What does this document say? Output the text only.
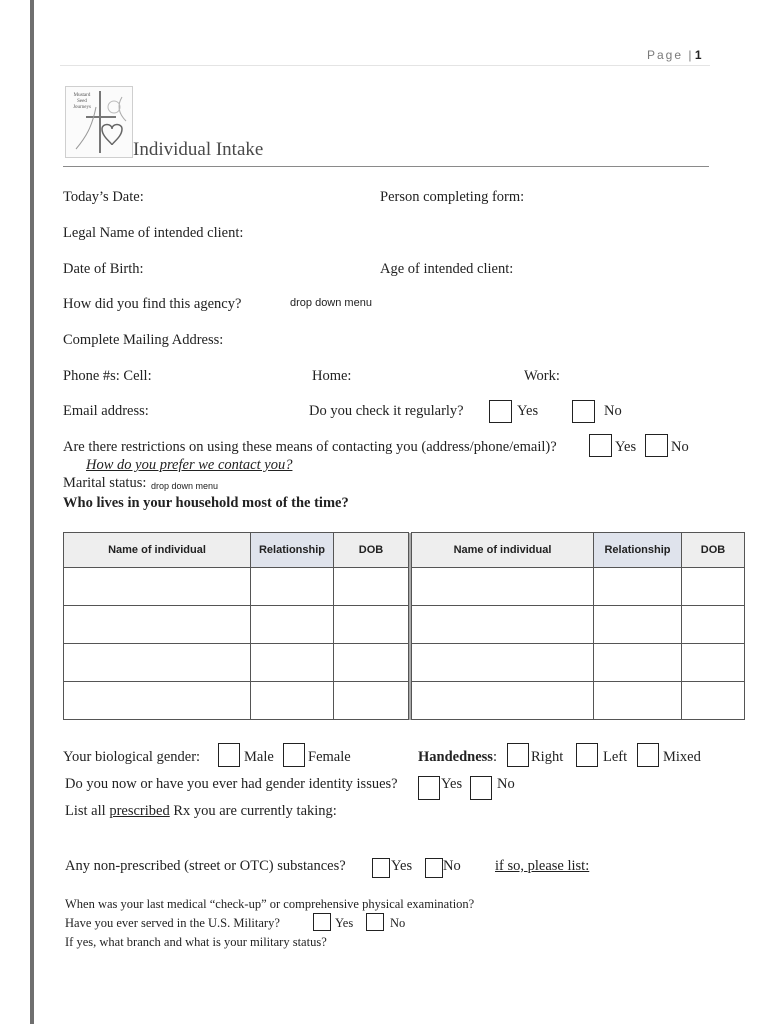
Page | 1
Mustard
Seed
Journeys
Individual Intake
Today’s Date:	Person completing form:
Legal Name of intended client:
Date of Birth:	Age of intended client:
How did you find this agency?	drop down menu
Complete Mailing Address:
Phone #s: Cell:	Home:	Work:
Email address:	Do you check it regularly?	Yes	No
Are there restrictions on using these means of contacting you (address/phone/email)?	Yes No
How do you prefer we contact you?
Marital status: drop down menu
Who lives in your household most of the time?
Name of individual	Relationship	DOB		Name of individual	Relationship	DOB

Your biological gender:	Male Female	Handedness: Right	Left Mixed
Do you now or have you ever had gender identity issues?	Yes No
List all prescribed Rx you are currently taking:
Any non-prescribed (street or OTC) substances?	Yes No if so, please list:
When was your last medical “check-up” or comprehensive physical examination?
Have you ever served in the U.S. Military?	Yes	No
If yes, what branch and what is your military status?
